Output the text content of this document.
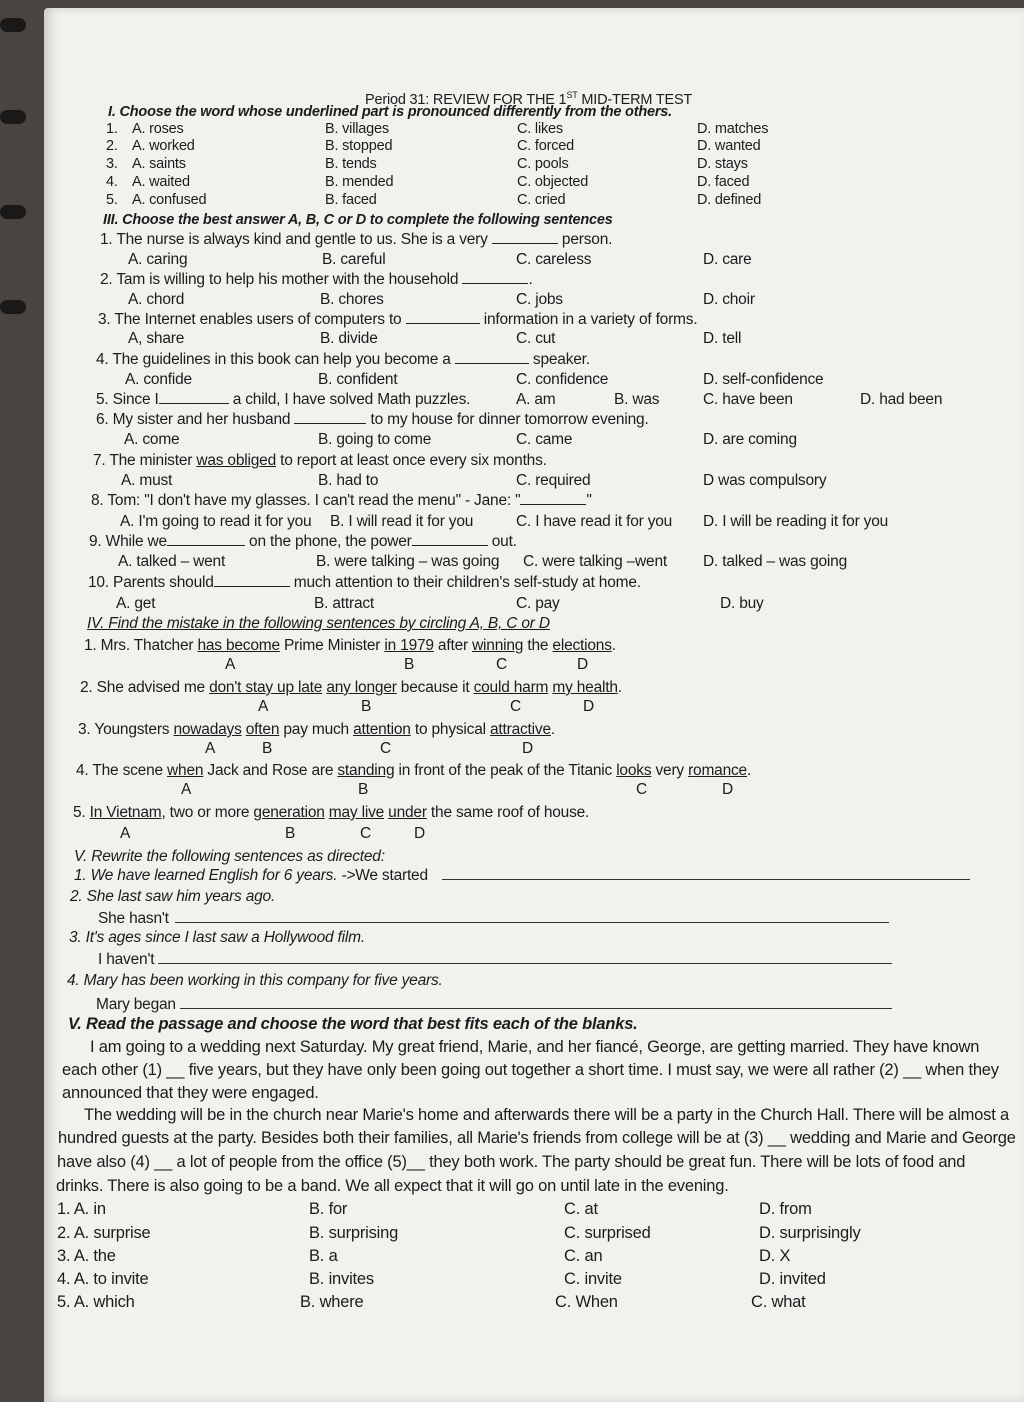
Period 31: REVIEW FOR THE 1ST MID-TERM TEST
I. Choose the word whose underlined part is pronounced differently from the others.
1. A. roses	B. villages	C. likes	D. matches
2. A. worked	B. stopped	C. forced	D. wanted
3. A. saints	B. tends	C. pools	D. stays
4. A. waited	B. mended	C. objected	D. faced
5. A. confused	B. faced	C. cried	D. defined
III. Choose the best answer A, B, C or D to complete the following sentences
1. The nurse is always kind and gentle to us. She is a very	person.
A. caring	B. careful	C. careless	D. care
2. Tam is willing to help his mother with the household	.
A. chord	B. chores	C. jobs	D. choir
3. The Internet enables users of computers to	information in a variety of forms.
A, share	B. divide	C. cut	D. tell
4. The guidelines in this book can help you become a	speaker.
A. confide	B. confident	C. confidence	D. self-confidence
5. Since I	a child, I have solved Math puzzles.	A. am	B. was	C. have been	D. had been
6. My sister and her husband	to my house for dinner tomorrow evening.
A. come	B. going to come	C. came	D. are coming
7. The minister was obliged to report at least once every six months.
A. must	B. had to	C. required	D was compulsory
8. Tom: "I don't have my glasses. I can't read the menu" - Jane: "	"
A. I'm going to read it for you B. I will read it for you	C. I have read it for you D. I will be reading it for you
9. While we	on the phone, the power	out.
A. talked – went	B. were talking – was going C. were talking –went D. talked – was going
10. Parents should	much attention to their children's self-study at home.
A. get	B. attract	C. pay	D. buy
IV. Find the mistake in the following sentences by circling A, B, C or D
1. Mrs. Thatcher has become Prime Minister in 1979 after winning the elections.
A	B	C	D
2. She advised me don't stay up late any longer because it could harm my health.
A	B	C	D
3. Youngsters nowadays often pay much attention to physical attractive.
A	B	C	D
4. The scene when Jack and Rose are standing in front of the peak of the Titanic looks very romance.
A	B	C	D
5. In Vietnam, two or more generation may live under the same roof of house.
A	B	C	D
V. Rewrite the following sentences as directed:
1. We have learned English for 6 years. ->We started
2. She last saw him years ago.
She hasn't
3. It's ages since I last saw a Hollywood film.
I haven't
4. Mary has been working in this company for five years.
Mary began
V. Read the passage and choose the word that best fits each of the blanks.
I am going to a wedding next Saturday. My great friend, Marie, and her fiancé, George, are getting married. They have known
each other (1) __ five years, but they have only been going out together a short time. I must say, we were all rather (2) __ when they
announced that they were engaged.
The wedding will be in the church near Marie's home and afterwards there will be a party in the Church Hall. There will be almost a
hundred guests at the party. Besides both their families, all Marie's friends from college will be at (3) __ wedding and Marie and George
have also (4) __ a lot of people from the office (5)__ they both work. The party should be great fun. There will be lots of food and
drinks. There is also going to be a band. We all expect that it will go on until late in the evening.
1. A. in	B. for	C. at	D. from
2. A. surprise	B. surprising	C. surprised	D. surprisingly
3. A. the	B. a	C. an	D. X
4. A. to invite	B. invites	C. invite	D. invited
5. A. which	B. where	C. When	C. what
